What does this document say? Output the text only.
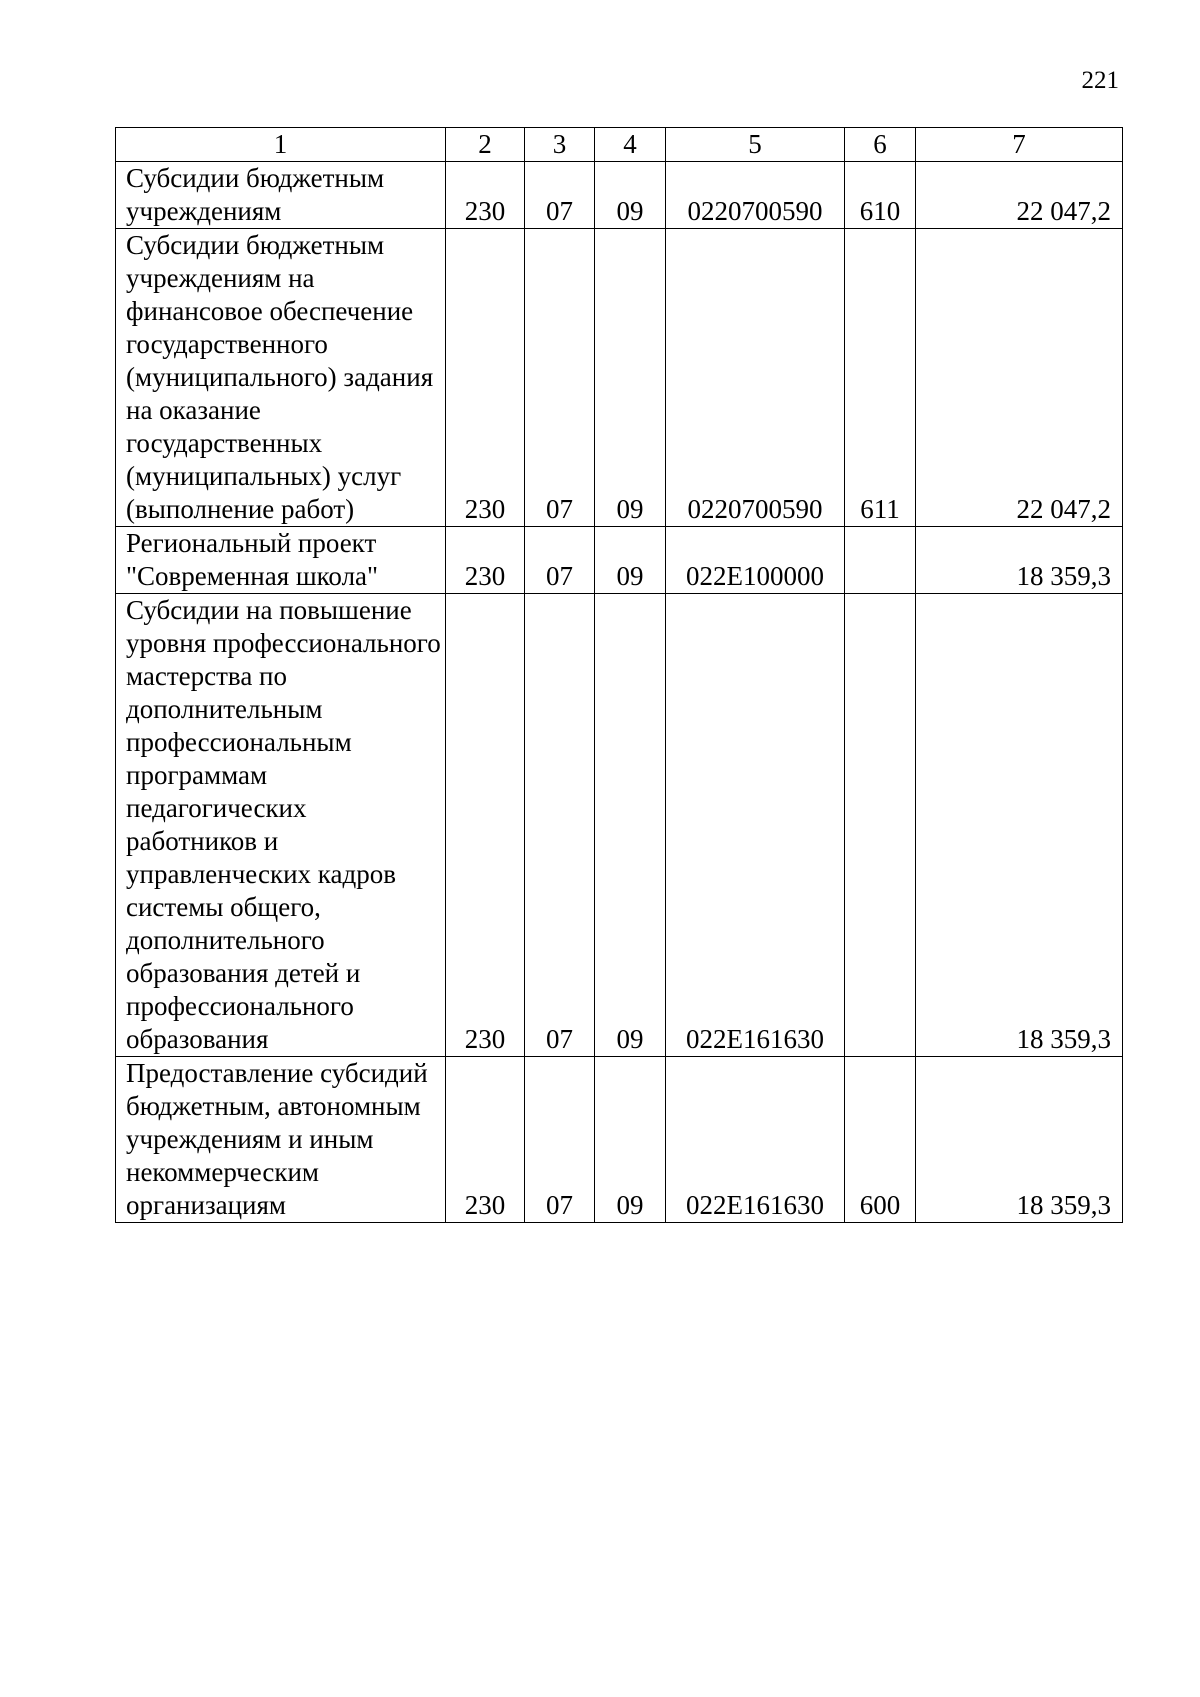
221
1	2	3	4	5	6	7
Субсидии бюджетным учреждениям	230	07	09	0220700590	610	22 047,2
Субсидии бюджетным учреждениям на финансовое обеспечение государственного (муниципального) задания на оказание государственных (муниципальных) услуг (выполнение работ)	230	07	09	0220700590	611	22 047,2
Региональный проект "Современная школа"	230	07	09	022E100000		18 359,3
Субсидии на повышение уровня профессионального мастерства по дополнительным профессиональным программам педагогических работников и управленческих кадров системы общего, дополнительного образования детей и профессионального образования	230	07	09	022E161630		18 359,3
Предоставление субсидий бюджетным, автономным учреждениям и иным некоммерческим организациям	230	07	09	022E161630	600	18 359,3
